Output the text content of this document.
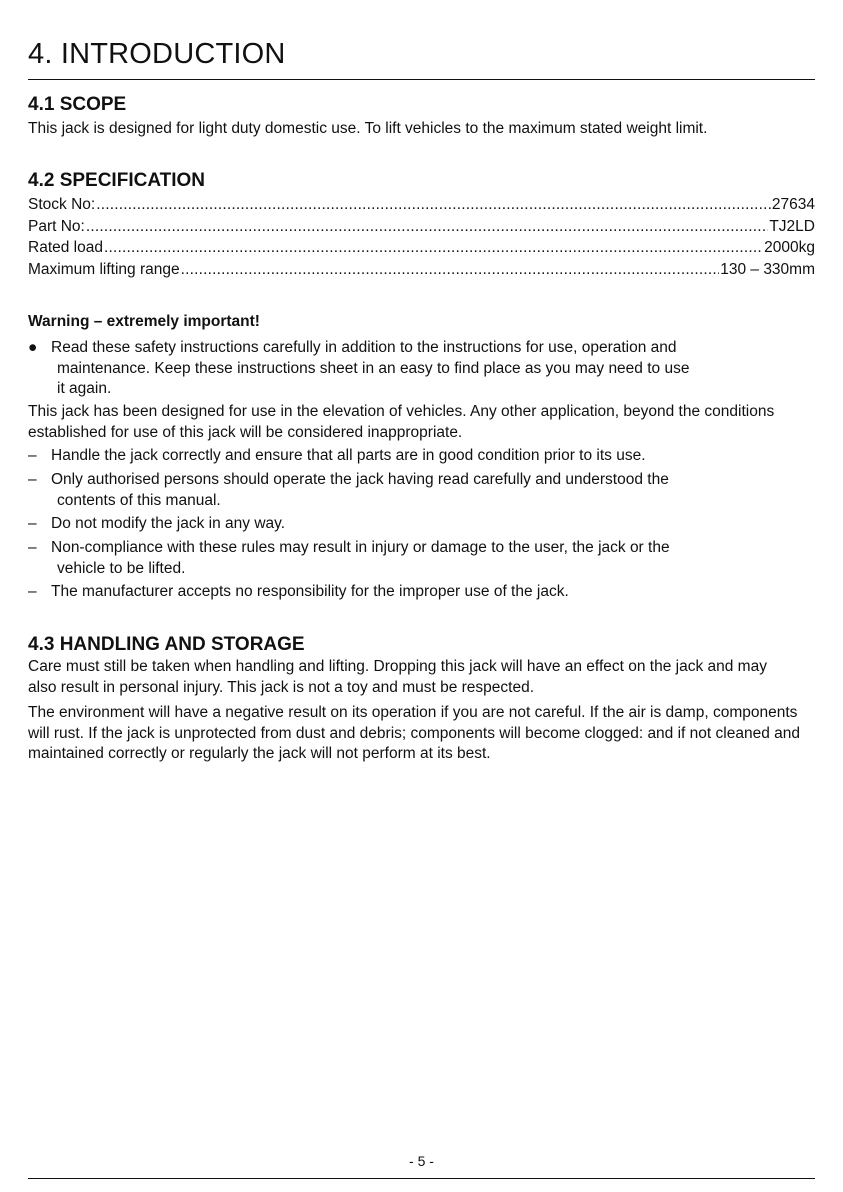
4. INTRODUCTION
4.1 SCOPE

This jack is designed for light duty domestic use. To lift vehicles to the maximum stated weight limit.

4.2 SPECIFICATION
Stock No: .....	27634
Part No: .....	TJ2LD
Rated load .....	2000kg
Maximum lifting range .....	130 – 330mm
Warning – extremely important!
● Read these safety instructions carefully in addition to the instructions for use, operation and
maintenance. Keep these instructions sheet in an easy to find place as you may need to use
it again.

This jack has been designed for use in the elevation of vehicles. Any other application, beyond the conditions established for use of this jack will be considered inappropriate.

– Handle the jack correctly and ensure that all parts are in good condition prior to its use.
– Only authorised persons should operate the jack having read carefully and understood the
contents of this manual.
– Do not modify the jack in any way.
– Non-compliance with these rules may result in injury or damage to the user, the jack or the
vehicle to be lifted.
– The manufacturer accepts no responsibility for the improper use of the jack.
4.3 HANDLING AND STORAGE

Care must still be taken when handling and lifting. Dropping this jack will have an effect on the jack and may also result in personal injury. This jack is not a toy and must be respected.

The environment will have a negative result on its operation if you are not careful. If the air is damp, components will rust. If the jack is unprotected from dust and debris; components will become clogged: and if not cleaned and maintained correctly or regularly the jack will not perform at its best.

- 5 -
